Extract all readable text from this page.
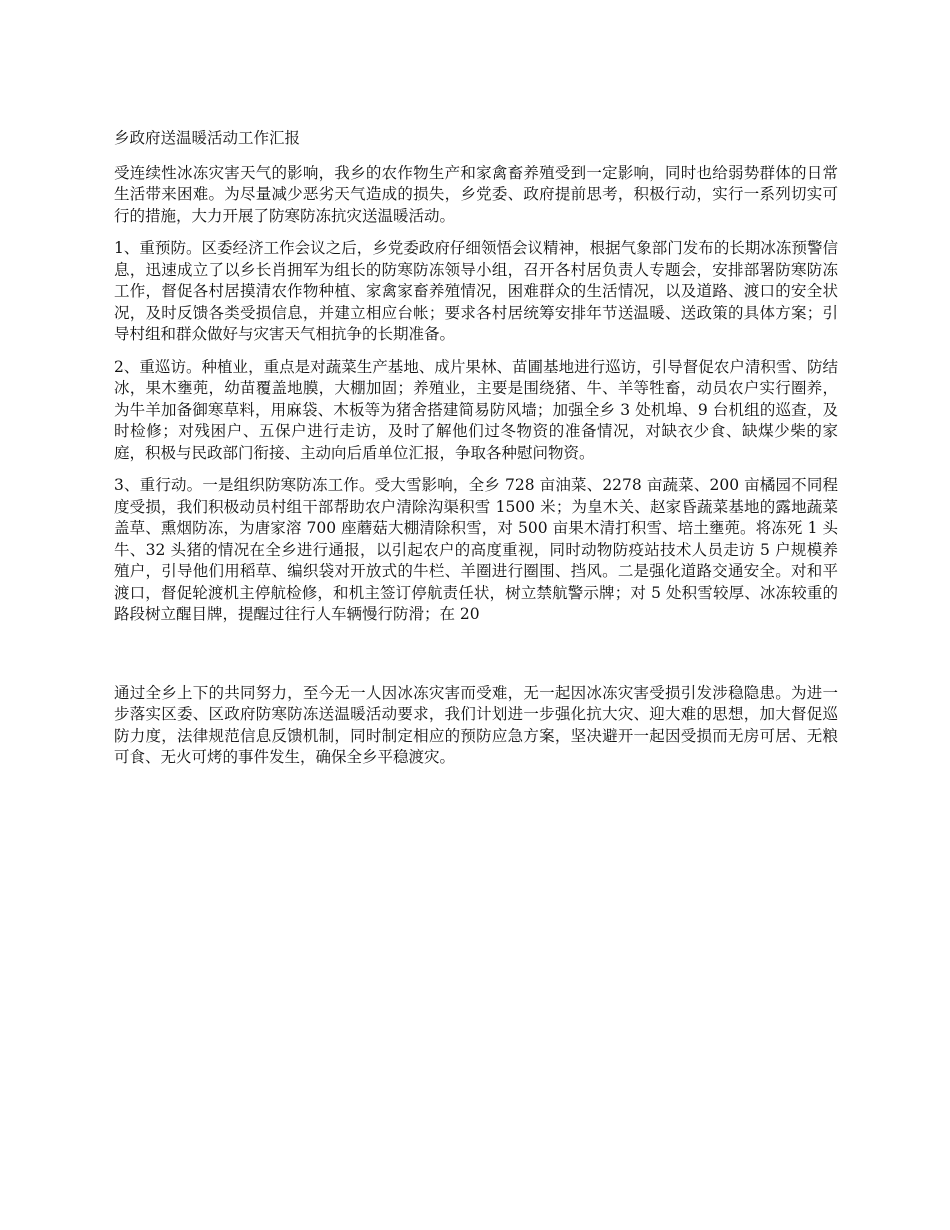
乡政府送温暖活动工作汇报

受连续性冰冻灾害天气的影响，我乡的农作物生产和家禽畜养殖受到一定影响，同时也给弱势群体的日常生活带来困难。为尽量减少恶劣天气造成的损失，乡党委、政府提前思考，积极行动，实行一系列切实可行的措施，大力开展了防寒防冻抗灾送温暖活动。

1、重预防。区委经济工作会议之后，乡党委政府仔细领悟会议精神，根据气象部门发布的长期冰冻预警信息，迅速成立了以乡长肖拥军为组长的防寒防冻领导小组，召开各村居负责人专题会，安排部署防寒防冻工作，督促各村居摸清农作物种植、家禽家畜养殖情况，困难群众的生活情况，以及道路、渡口的安全状况，及时反馈各类受损信息，并建立相应台帐；要求各村居统筹安排年节送温暖、送政策的具体方案；引导村组和群众做好与灾害天气相抗争的长期准备。

2、重巡访。种植业，重点是对蔬菜生产基地、成片果林、苗圃基地进行巡访，引导督促农户清积雪、防结冰，果木壅蔸，幼苗覆盖地膜，大棚加固；养殖业，主要是围绕猪、牛、羊等牲畜，动员农户实行圈养，为牛羊加备御寒草料，用麻袋、木板等为猪舍搭建简易防风墙；加强全乡 3 处机埠、9 台机组的巡查，及时检修；对残困户、五保户进行走访，及时了解他们过冬物资的准备情况，对缺衣少食、缺煤少柴的家庭，积极与民政部门衔接、主动向后盾单位汇报，争取各种慰问物资。

3、重行动。一是组织防寒防冻工作。受大雪影响，全乡 728 亩油菜、2278 亩蔬菜、200 亩橘园不同程度受损，我们积极动员村组干部帮助农户清除沟渠积雪 1500 米；为皇木关、赵家昏蔬菜基地的露地蔬菜盖草、熏烟防冻，为唐家溶 700 座蘑菇大棚清除积雪，对 500 亩果木清打积雪、培土壅蔸。将冻死 1 头牛、32 头猪的情况在全乡进行通报，以引起农户的高度重视，同时动物防疫站技术人员走访 5 户规模养殖户，引导他们用稻草、编织袋对开放式的牛栏、羊圈进行圈围、挡风。二是强化道路交通安全。对和平渡口，督促轮渡机主停航检修，和机主签订停航责任状，树立禁航警示牌；对 5 处积雪较厚、冰冻较重的路段树立醒目牌，提醒过往行人车辆慢行防滑；在 20

通过全乡上下的共同努力，至今无一人因冰冻灾害而受难，无一起因冰冻灾害受损引发涉稳隐患。为进一步落实区委、区政府防寒防冻送温暖活动要求，我们计划进一步强化抗大灾、迎大难的思想，加大督促巡防力度，法律规范信息反馈机制，同时制定相应的预防应急方案，坚决避开一起因受损而无房可居、无粮可食、无火可烤的事件发生，确保全乡平稳渡灾。
